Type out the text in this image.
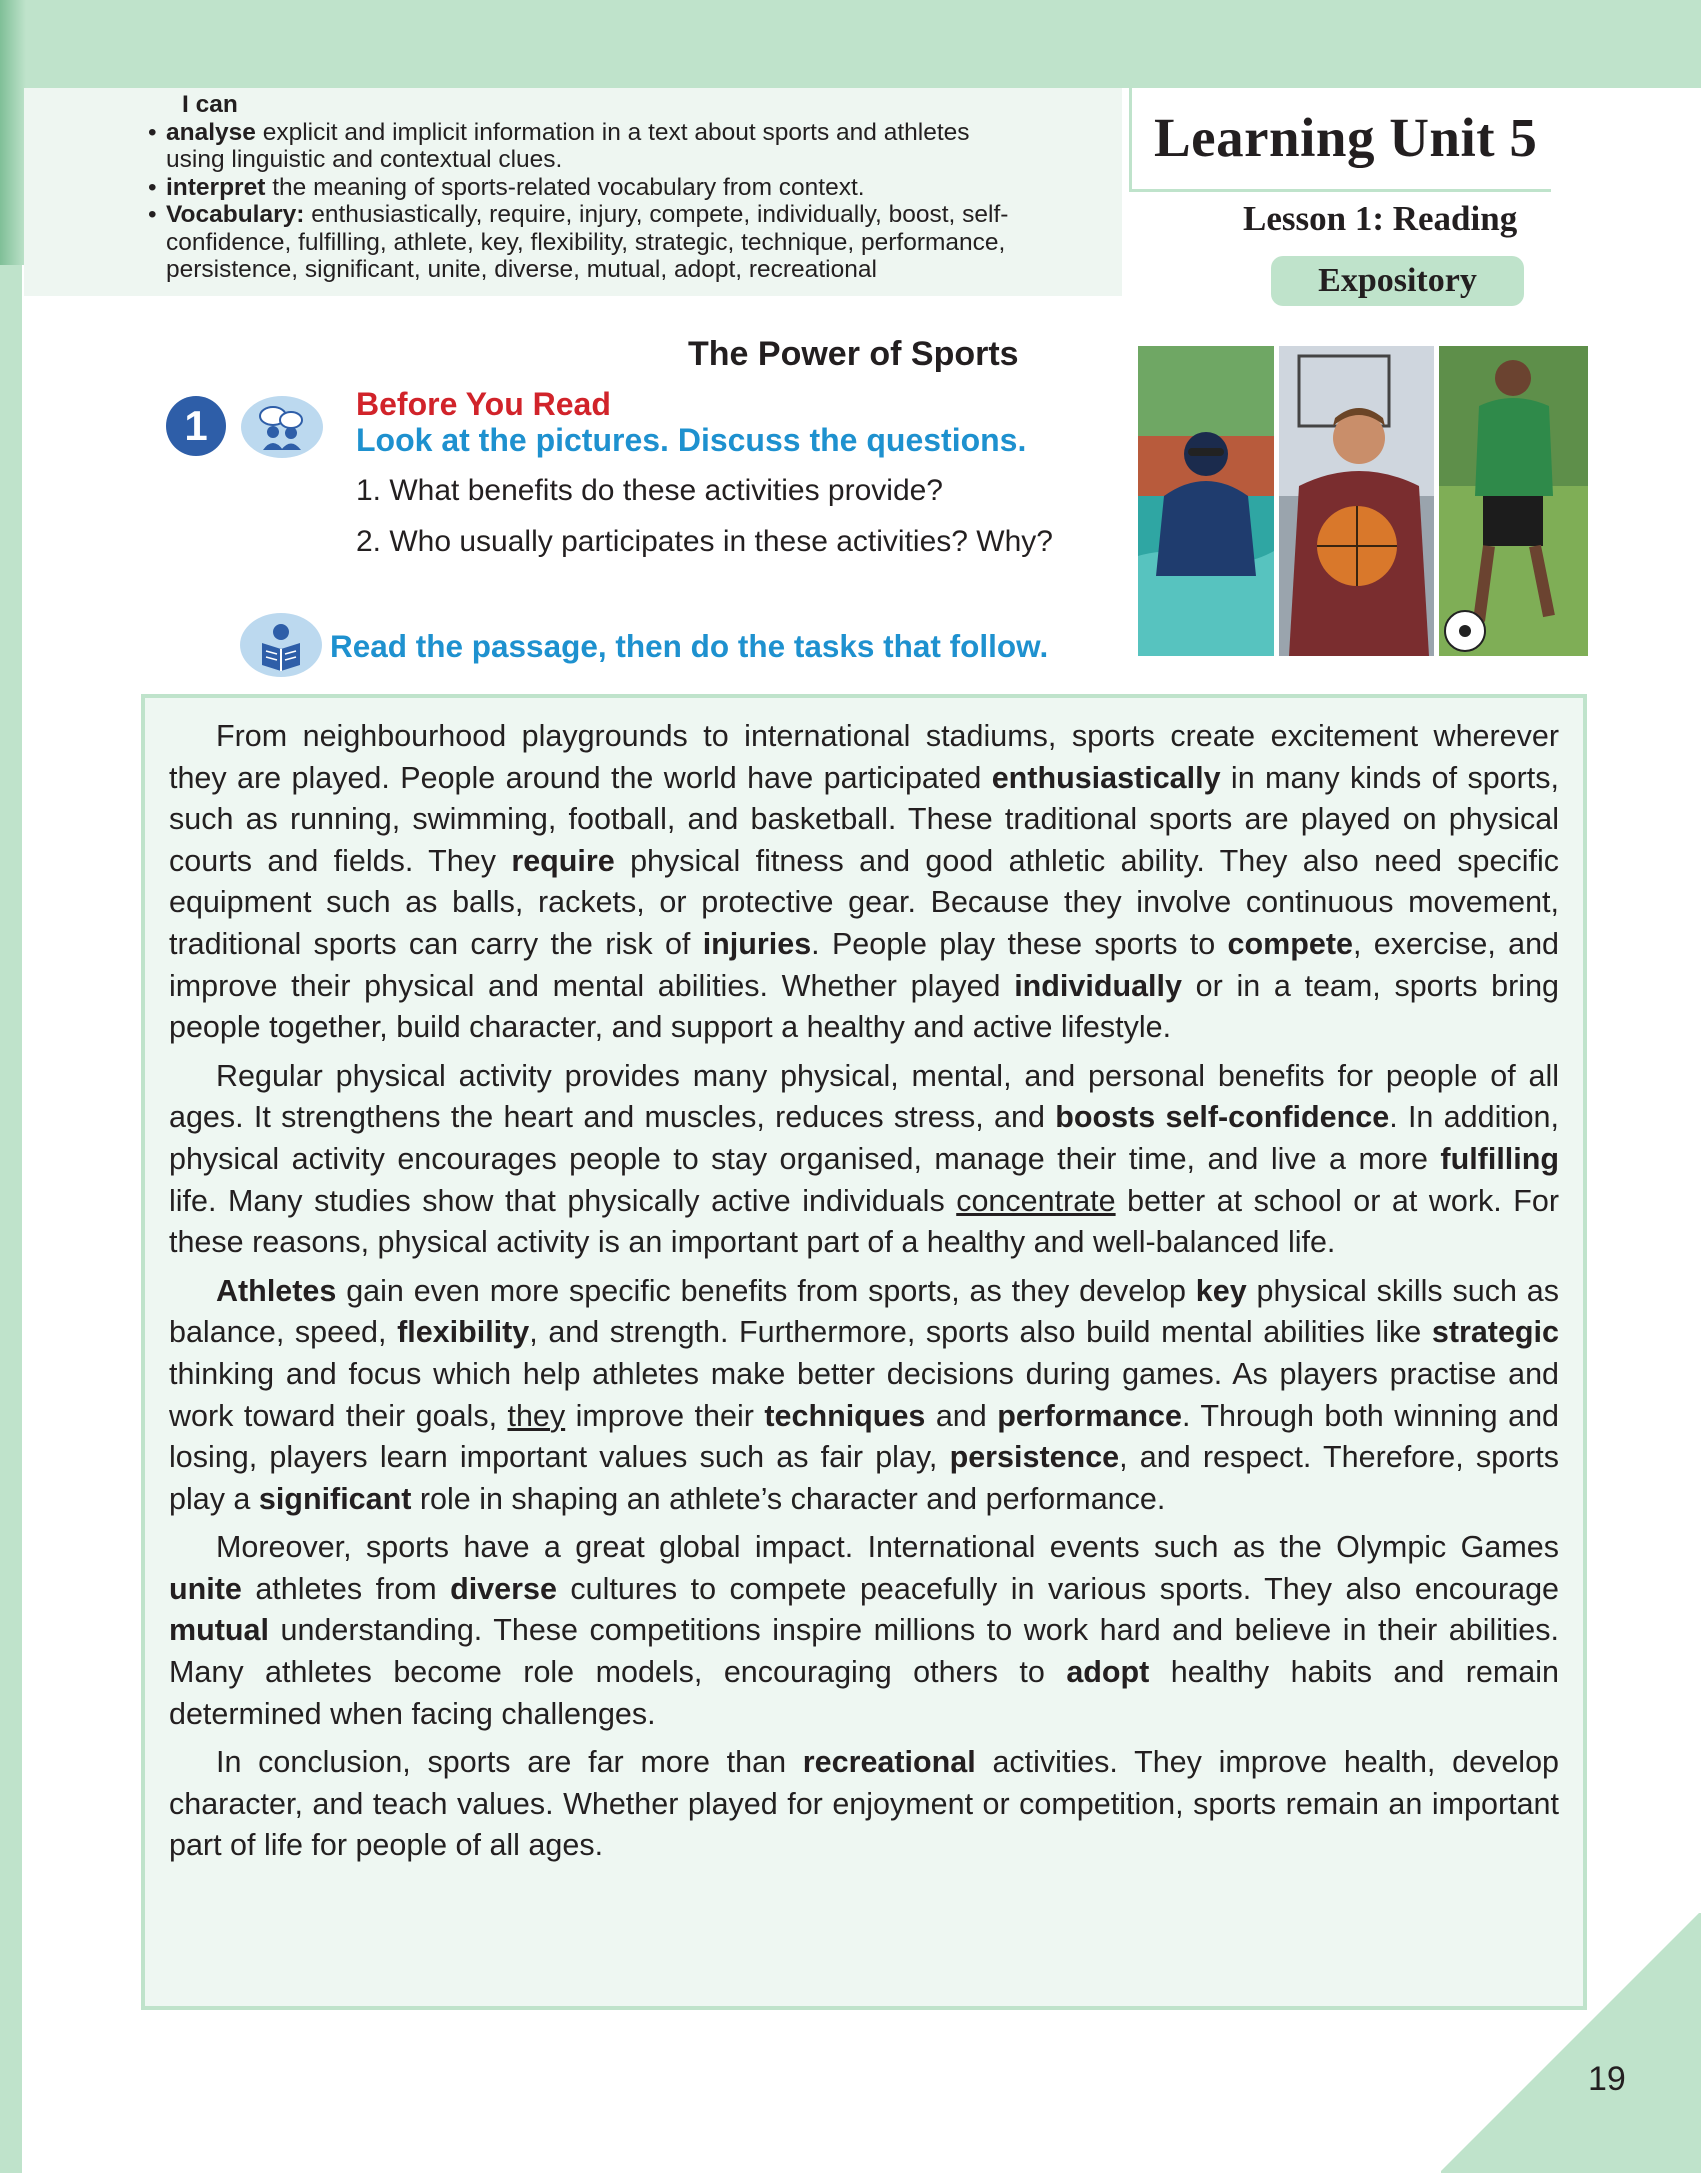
I can
• analyse explicit and implicit information in a text about sports and athletes
using linguistic and contextual clues.
• interpret the meaning of sports-related vocabulary from context.
• Vocabulary: enthusiastically, require, injury, compete, individually, boost, self-
confidence, fulfilling, athlete, key, flexibility, strategic, technique, performance,
persistence, significant, unite, diverse, mutual, adopt, recreational
Learning Unit 5
Lesson 1: Reading
Expository
The Power of Sports
1	Before You Read
Look at the pictures. Discuss the questions.
1. What benefits do these activities provide?
2. Who usually participates in these activities? Why?
Read the passage, then do the tasks that follow.

From neighbourhood playgrounds to international stadiums, sports create excitement wherever they are played. People around the world have participated enthusiastically in many kinds of sports, such as running, swimming, football, and basketball. These traditional sports are played on physical courts and fields. They require physical fitness and good athletic ability. They also need specific equipment such as balls, rackets, or protective gear. Because they involve continuous movement, traditional sports can carry the risk of injuries. People play these sports to compete, exercise, and improve their physical and mental abilities. Whether played individually or in a team, sports bring people together, build character, and support a healthy and active lifestyle.

Regular physical activity provides many physical, mental, and personal benefits for people of all ages. It strengthens the heart and muscles, reduces stress, and boosts self-confidence. In addition, physical activity encourages people to stay organised, manage their time, and live a more fulfilling life. Many studies show that physically active individuals concentrate better at school or at work. For these reasons, physical activity is an important part of a healthy and well-balanced life.

Athletes gain even more specific benefits from sports, as they develop key physical skills such as balance, speed, flexibility, and strength. Furthermore, sports also build mental abilities like strategic thinking and focus which help athletes make better decisions during games. As players practise and work toward their goals, they improve their techniques and performance. Through both winning and losing, players learn important values such as fair play, persistence, and respect. Therefore, sports play a significant role in shaping an athlete’s character and performance.

Moreover, sports have a great global impact. International events such as the Olympic Games unite athletes from diverse cultures to compete peacefully in various sports. They also encourage mutual understanding. These competitions inspire millions to work hard and believe in their abilities. Many athletes become role models, encouraging others to adopt healthy habits and remain determined when facing challenges.

In conclusion, sports are far more than recreational activities. They improve health, develop character, and teach values. Whether played for enjoyment or competition, sports remain an important part of life for people of all ages.

19
